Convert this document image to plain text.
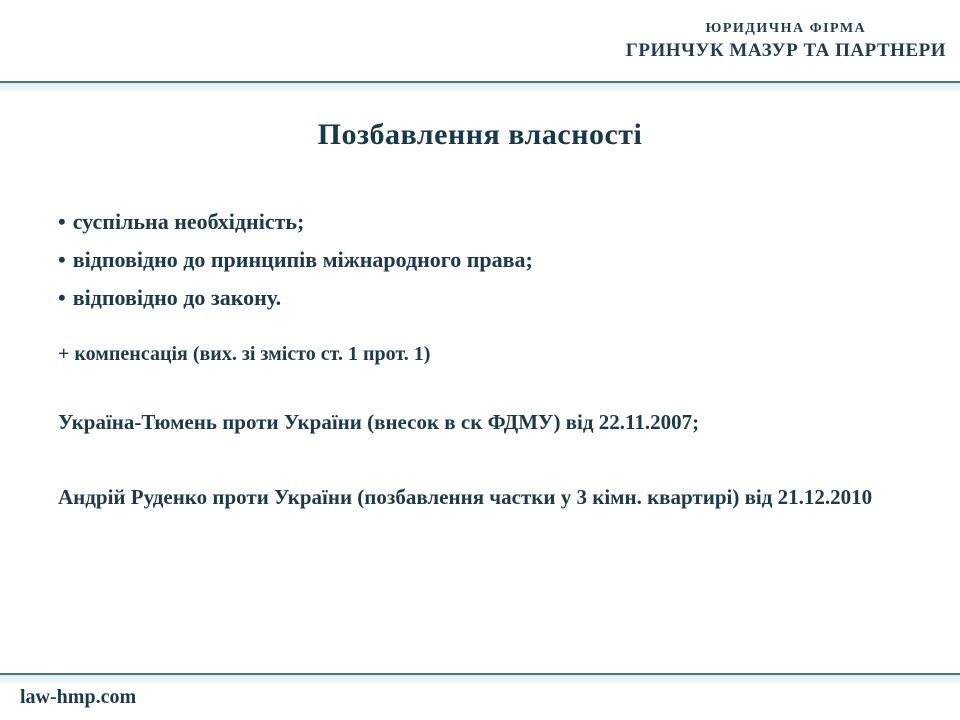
ЮРИДИЧНА ФІРМА
ГРИНЧУК МАЗУР ТА ПАРТНЕРИ
Позбавлення власності
• суспільна необхідність;
• відповідно до принципів міжнародного права;
• відповідно до закону.

+ компенсація (вих. зі змісто ст. 1 прот. 1)

Україна-Тюмень проти України (внесок в ск ФДМУ) від 22.11.2007;

Андрій Руденко проти України (позбавлення частки у 3 кімн. квартирі) від 21.12.2010

law-hmp.com
